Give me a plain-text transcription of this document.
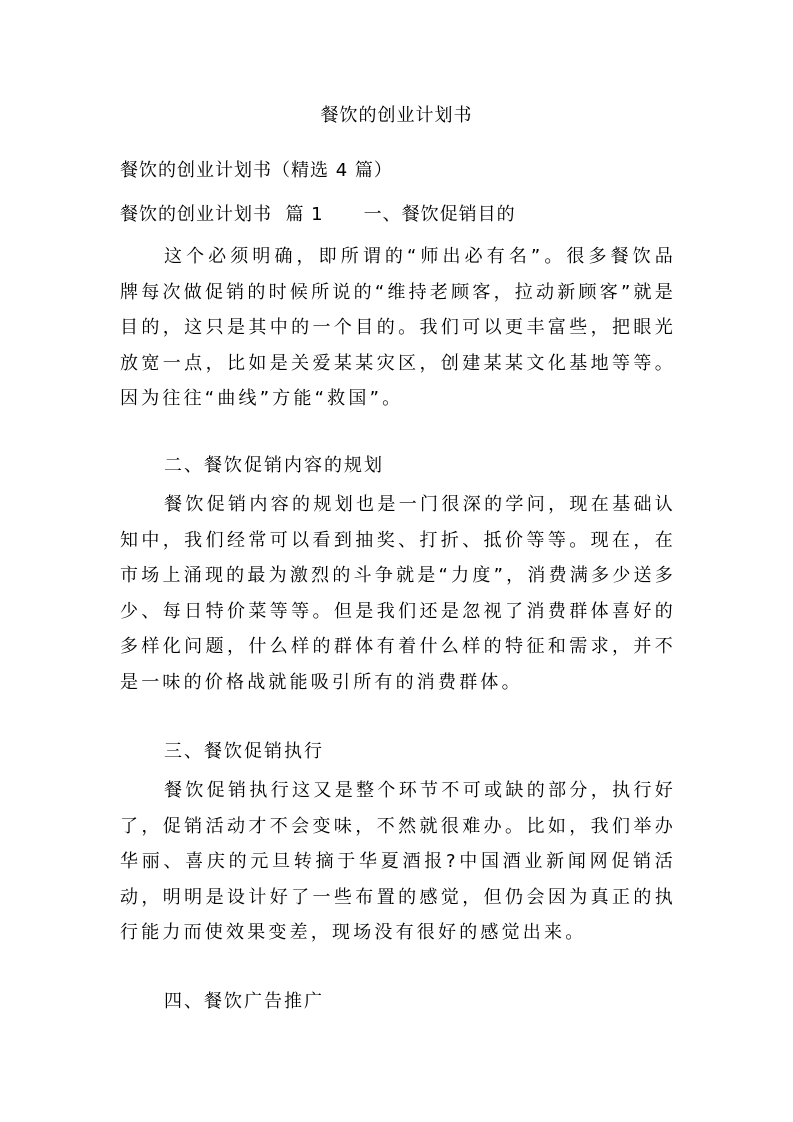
餐饮的创业计划书
餐饮的创业计划书（精选 4 篇）
餐饮的创业计划书  篇 1 一、餐饮促销目的
这个必须明确，即所谓的“师出必有名”。很多餐饮品牌每次做促销的时候所说的“维持老顾客，拉动新顾客”就是目的，这只是其中的一个目的。我们可以更丰富些，把眼光放宽一点，比如是关爱某某灾区，创建某某文化基地等等。因为往往“曲线”方能“救国”。
二、餐饮促销内容的规划
餐饮促销内容的规划也是一门很深的学问，现在基础认知中，我们经常可以看到抽奖、打折、抵价等等。现在，在市场上涌现的最为激烈的斗争就是“力度”，消费满多少送多少、每日特价菜等等。但是我们还是忽视了消费群体喜好的多样化问题，什么样的群体有着什么样的特征和需求，并不是一味的价格战就能吸引所有的消费群体。
三、餐饮促销执行
餐饮促销执行这又是整个环节不可或缺的部分，执行好了，促销活动才不会变味，不然就很难办。比如，我们举办华丽、喜庆的元旦转摘于华夏酒报?中国酒业新闻网促销活动，明明是设计好了一些布置的感觉，但仍会因为真正的执行能力而使效果变差，现场没有很好的感觉出来。
四、餐饮广告推广
